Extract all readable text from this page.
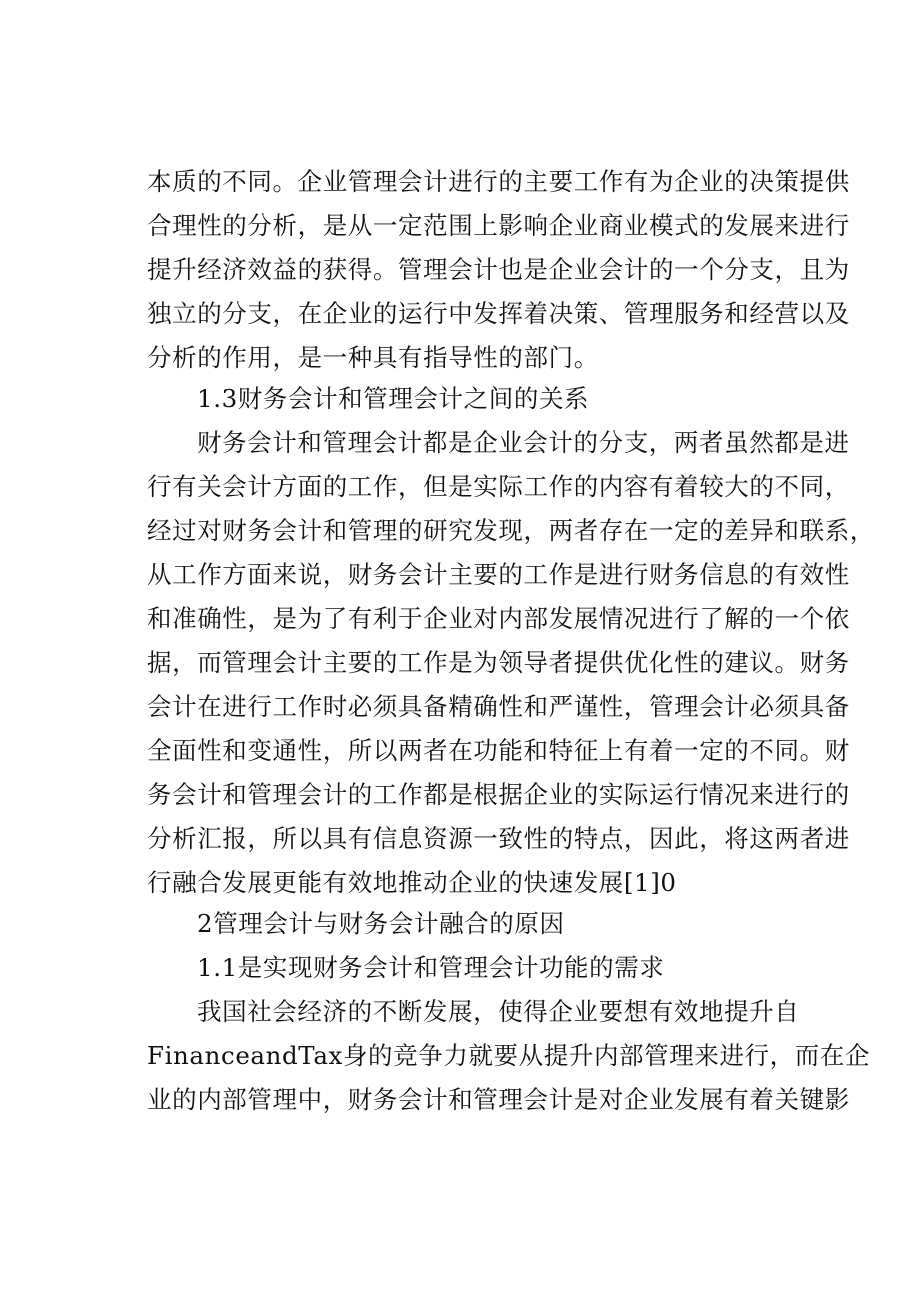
本质的不同。企业管理会计进行的主要工作有为企业的决策提供
合理性的分析，是从一定范围上影响企业商业模式的发展来进行
提升经济效益的获得。管理会计也是企业会计的一个分支，且为
独立的分支，在企业的运行中发挥着决策、管理服务和经营以及
分析的作用，是一种具有指导性的部门。
1.3财务会计和管理会计之间的关系
财务会计和管理会计都是企业会计的分支，两者虽然都是进
行有关会计方面的工作，但是实际工作的内容有着较大的不同，
经过对财务会计和管理的研究发现，两者存在一定的差异和联系，
从工作方面来说，财务会计主要的工作是进行财务信息的有效性
和准确性，是为了有利于企业对内部发展情况进行了解的一个依
据，而管理会计主要的工作是为领导者提供优化性的建议。财务
会计在进行工作时必须具备精确性和严谨性，管理会计必须具备
全面性和变通性，所以两者在功能和特征上有着一定的不同。财
务会计和管理会计的工作都是根据企业的实际运行情况来进行的
分析汇报，所以具有信息资源一致性的特点，因此，将这两者进
行融合发展更能有效地推动企业的快速发展[1]0
2管理会计与财务会计融合的原因
1.1是实现财务会计和管理会计功能的需求
我国社会经济的不断发展，使得企业要想有效地提升自
FinanceandTax身的竞争力就要从提升内部管理来进行，而在企
业的内部管理中，财务会计和管理会计是对企业发展有着关键影
